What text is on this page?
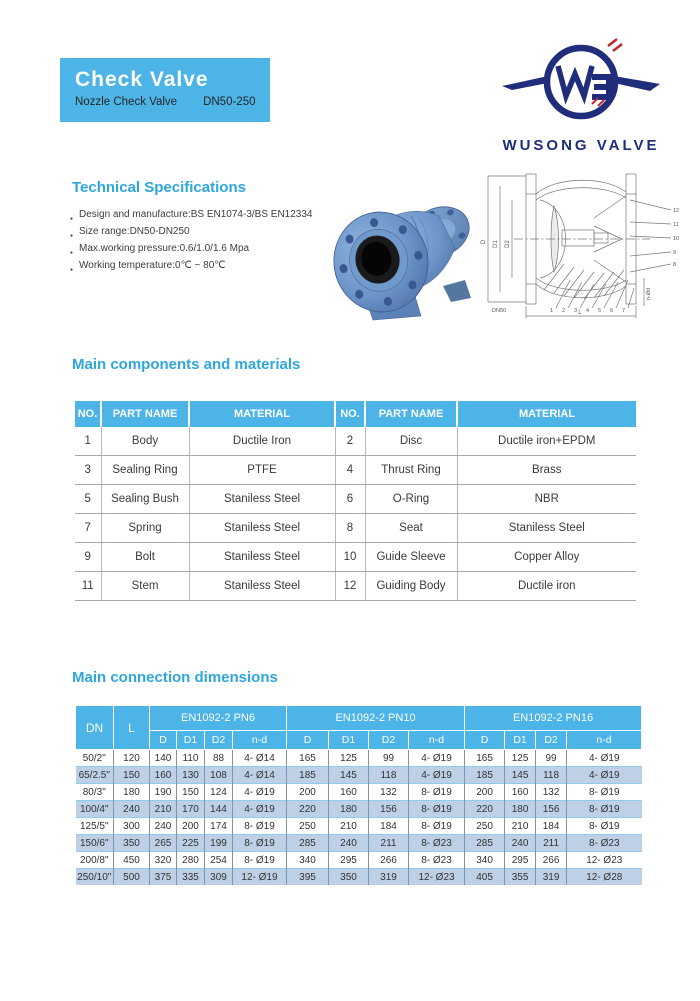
Check Valve
Nozzle Check Valve DN50-250
WUSONG VALVE
Technical Specifications
● Design and manufacture:BS EN1074-3/BS EN12334
● Size range:DN50-DN250
● Max.working pressure:0.6/1.0/1.6 Mpa
● Working temperature:0℃ ~ 80℃
D D1 D2
DN50	L
n-Ød
1 2 3 4 5 6 7
12
11
10
9
8
Main components and materials
NO.	PART NAME	MATERIAL	NO.	PART NAME	MATERIAL
1	Body	Ductile Iron	2	Disc	Ductile iron+EPDM
3	Sealing Ring	PTFE	4	Thrust Ring	Brass
5	Sealing Bush	Staniless Steel	6	O-Ring	NBR
7	Spring	Staniless Steel	8	Seat	Staniless Steel
9	Bolt	Staniless Steel	10	Guide Sleeve	Copper Alloy
11	Stem	Staniless Steel	12	Guiding Body	Ductile iron
Main connection dimensions
DN	L	EN1092-2 PN6				EN1092-2 PN10				EN1092-2 PN16			
		D	D1	D2	n-d	D	D1	D2	n-d	D	D1	D2	n-d
50/2"	120	140	110	88	4- Ø14	165	125	99	4- Ø19	165	125	99	4- Ø19
65/2.5"	150	160	130	108	4- Ø14	185	145	118	4- Ø19	185	145	118	4- Ø19
80/3"	180	190	150	124	4- Ø19	200	160	132	8- Ø19	200	160	132	8- Ø19
100/4"	240	210	170	144	4- Ø19	220	180	156	8- Ø19	220	180	156	8- Ø19
125/5"	300	240	200	174	8- Ø19	250	210	184	8- Ø19	250	210	184	8- Ø19
150/6"	350	265	225	199	8- Ø19	285	240	211	8- Ø23	285	240	211	8- Ø23
200/8"	450	320	280	254	8- Ø19	340	295	266	8- Ø23	340	295	266	12- Ø23
250/10"	500	375	335	309	12- Ø19	395	350	319	12- Ø23	405	355	319	12- Ø28
